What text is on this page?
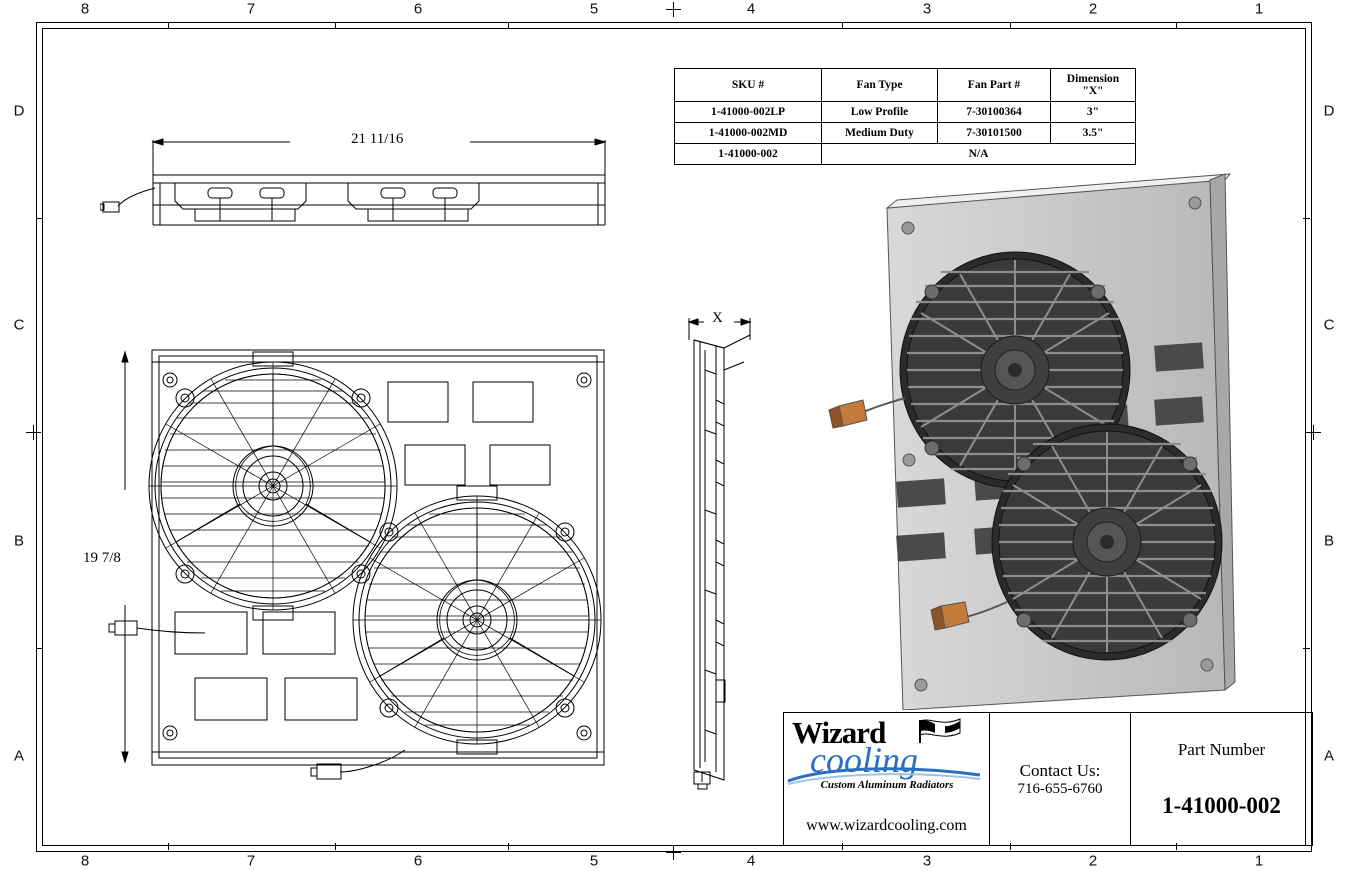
8	7	6	5	4	3	2	1
8	7	6	5	4	3	2	1
D
C
B
A
D
C
B
A
SKU #	Fan Type	Fan Part #	Dimension "X"
1-41000-002LP	Low Profile	7-30100364	3"
1-41000-002MD	Medium Duty	7-30101500	3.5"
1-41000-002	N/A		
21 11/16
19 7/8
X
Wizard
cooling
Custom Aluminum Radiators
www.wizardcooling.com
Contact Us:
716-655-6760
Part Number
1-41000-002
